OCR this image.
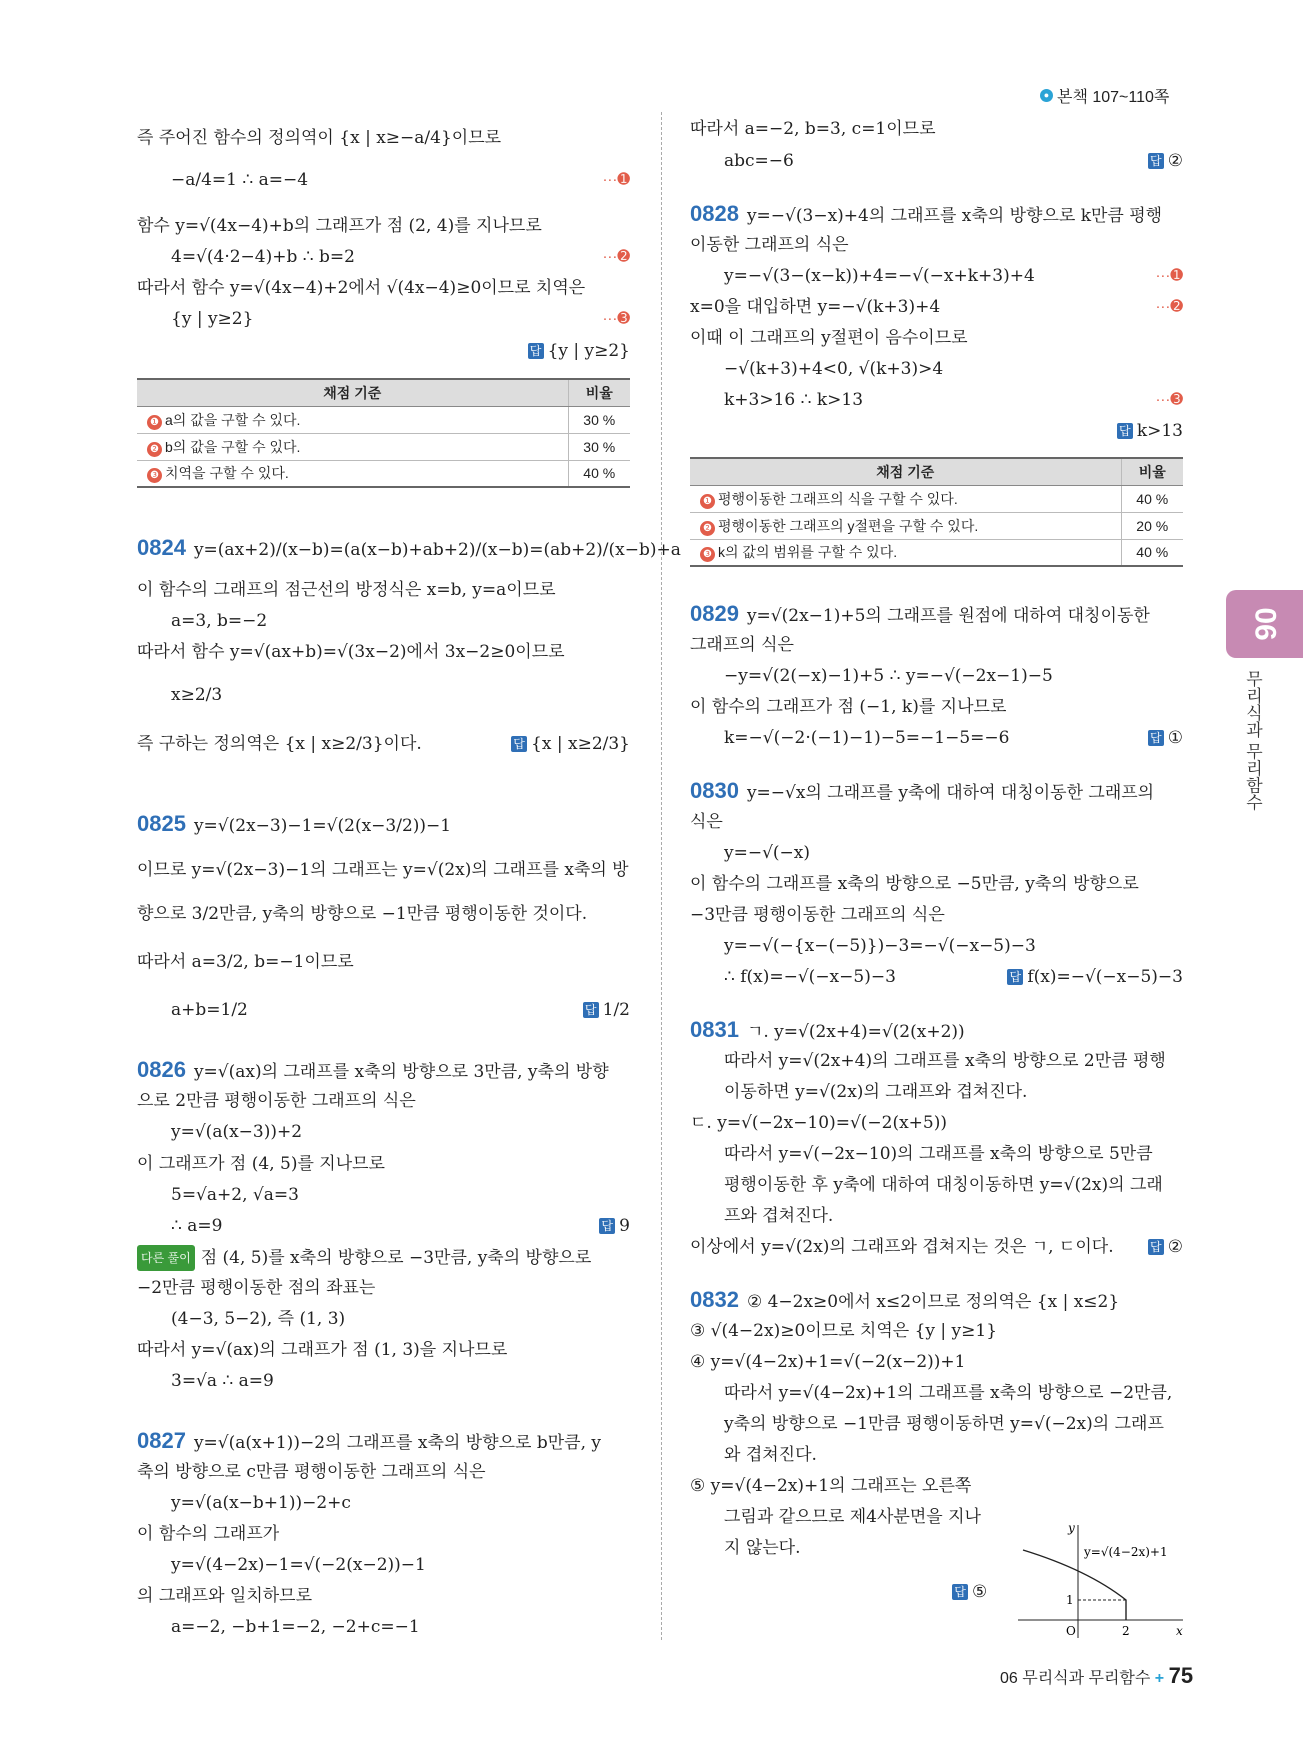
● 본책 107~110쪽
즉 주어진 함수의 정의역이 {x | x≥−a/4}이므로
−a/4=1 ∴ a=−4	···➊
함수 y=√(4x−4)+b의 그래프가 점 (2, 4)를 지나므로
4=√(4·2−4)+b ∴ b=2	···➋
따라서 함수 y=√(4x−4)+2에서 √(4x−4)≥0이므로 치역은
{y | y≥2}	···➌
답 {y | y≥2}
채점 기준	비율
❶ a의 값을 구할 수 있다.	30 %
❷ b의 값을 구할 수 있다.	30 %
❸ 치역을 구할 수 있다.	40 %
0824 y=(ax+2)/(x−b)=(a(x−b)+ab+2)/(x−b)=(ab+2)/(x−b)+a
이 함수의 그래프의 점근선의 방정식은 x=b, y=a이므로
a=3, b=−2
따라서 함수 y=√(ax+b)=√(3x−2)에서 3x−2≥0이므로
x≥2/3
즉 구하는 정의역은 {x | x≥2/3}이다.	답 {x | x≥2/3}
0825 y=√(2x−3)−1=√(2(x−3/2))−1
이므로 y=√(2x−3)−1의 그래프는 y=√(2x)의 그래프를 x축의 방
향으로 3/2만큼, y축의 방향으로 −1만큼 평행이동한 것이다.
따라서 a=3/2, b=−1이므로
a+b=1/2	답 1/2
0826 y=√(ax)의 그래프를 x축의 방향으로 3만큼, y축의 방향
으로 2만큼 평행이동한 그래프의 식은
y=√(a(x−3))+2
이 그래프가 점 (4, 5)를 지나므로
5=√a+2, √a=3
∴ a=9	답 9
다른 풀이 점 (4, 5)를 x축의 방향으로 −3만큼, y축의 방향으로
−2만큼 평행이동한 점의 좌표는
(4−3, 5−2), 즉 (1, 3)
따라서 y=√(ax)의 그래프가 점 (1, 3)을 지나므로
3=√a ∴ a=9
0827 y=√(a(x+1))−2의 그래프를 x축의 방향으로 b만큼, y
축의 방향으로 c만큼 평행이동한 그래프의 식은
y=√(a(x−b+1))−2+c
이 함수의 그래프가
y=√(4−2x)−1=√(−2(x−2))−1
의 그래프와 일치하므로
a=−2, −b+1=−2, −2+c=−1
따라서 a=−2, b=3, c=1이므로
abc=−6	답 ②
0828 y=−√(3−x)+4의 그래프를 x축의 방향으로 k만큼 평행
이동한 그래프의 식은
y=−√(3−(x−k))+4=−√(−x+k+3)+4	···➊
x=0을 대입하면 y=−√(k+3)+4	···➋
이때 이 그래프의 y절편이 음수이므로
−√(k+3)+4<0, √(k+3)>4
k+3>16 ∴ k>13	···➌
답 k>13
채점 기준	비율
❶ 평행이동한 그래프의 식을 구할 수 있다.	40 %
❷ 평행이동한 그래프의 y절편을 구할 수 있다.	20 %
❸ k의 값의 범위를 구할 수 있다.	40 %
0829 y=√(2x−1)+5의 그래프를 원점에 대하여 대칭이동한
그래프의 식은
−y=√(2(−x)−1)+5 ∴ y=−√(−2x−1)−5
이 함수의 그래프가 점 (−1, k)를 지나므로
k=−√(−2·(−1)−1)−5=−1−5=−6	답 ①
0830 y=−√x의 그래프를 y축에 대하여 대칭이동한 그래프의
식은
y=−√(−x)
이 함수의 그래프를 x축의 방향으로 −5만큼, y축의 방향으로
−3만큼 평행이동한 그래프의 식은
y=−√(−{x−(−5)})−3=−√(−x−5)−3
∴ f(x)=−√(−x−5)−3	답 f(x)=−√(−x−5)−3
0831 ㄱ. y=√(2x+4)=√(2(x+2))
따라서 y=√(2x+4)의 그래프를 x축의 방향으로 2만큼 평행
이동하면 y=√(2x)의 그래프와 겹쳐진다.
ㄷ. y=√(−2x−10)=√(−2(x+5))
따라서 y=√(−2x−10)의 그래프를 x축의 방향으로 5만큼
평행이동한 후 y축에 대하여 대칭이동하면 y=√(2x)의 그래
프와 겹쳐진다.
이상에서 y=√(2x)의 그래프와 겹쳐지는 것은 ㄱ, ㄷ이다.	답 ②
0832 ② 4−2x≥0에서 x≤2이므로 정의역은 {x | x≤2}
③ √(4−2x)≥0이므로 치역은 {y | y≥1}
④ y=√(4−2x)+1=√(−2(x−2))+1
따라서 y=√(4−2x)+1의 그래프를 x축의 방향으로 −2만큼,
y축의 방향으로 −1만큼 평행이동하면 y=√(−2x)의 그래프
와 겹쳐진다.
⑤ y=√(4−2x)+1의 그래프는 오른쪽
그림과 같으므로 제4사분면을 지나
지 않는다.
답 ⑤
y
x
O
1
2
y=√(4−2x)+1
06
무리식과 무리함수
06 무리식과 무리함수 + 75
